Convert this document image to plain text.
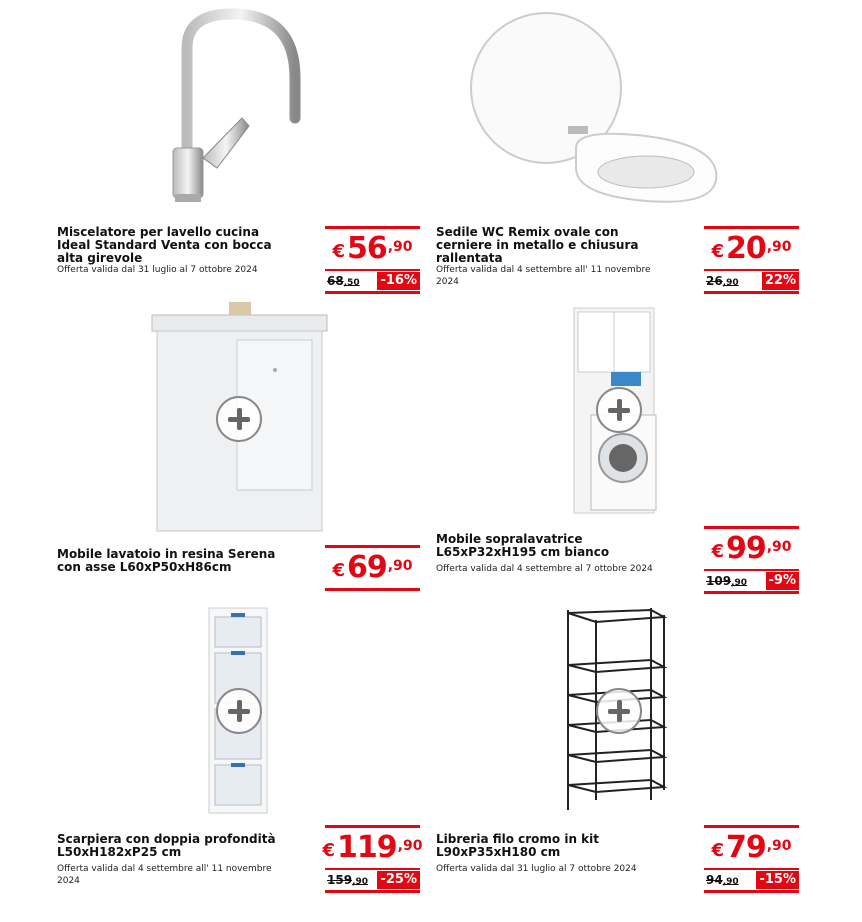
Miscelatore per lavello cucina Ideal Standard Venta con bocca alta girevole
Offerta valida dal 31 luglio al 7 ottobre 2024
€ 56 ,90
68,50 -16%
Sedile WC Remix ovale con cerniere in metallo e chiusura rallentata
Offerta valida dal 4 settembre all' 11 novembre 2024
€ 20 ,90
26,90 22%
Mobile lavatoio in resina Serena con asse L60xP50xH86cm	€ 69 ,90
Mobile sopralavatrice L65xP32xH195 cm bianco
Offerta valida dal 4 settembre al 7 ottobre 2024
€ 99 ,90
109,90 -9%
Scarpiera con doppia profondità L50xH182xP25 cm
Offerta valida dal 4 settembre all' 11 novembre 2024
€ 119 ,90
159,90 -25%
Libreria filo cromo in kit L90xP35xH180 cm
Offerta valida dal 31 luglio al 7 ottobre 2024
€ 79 ,90
94,90 -15%
